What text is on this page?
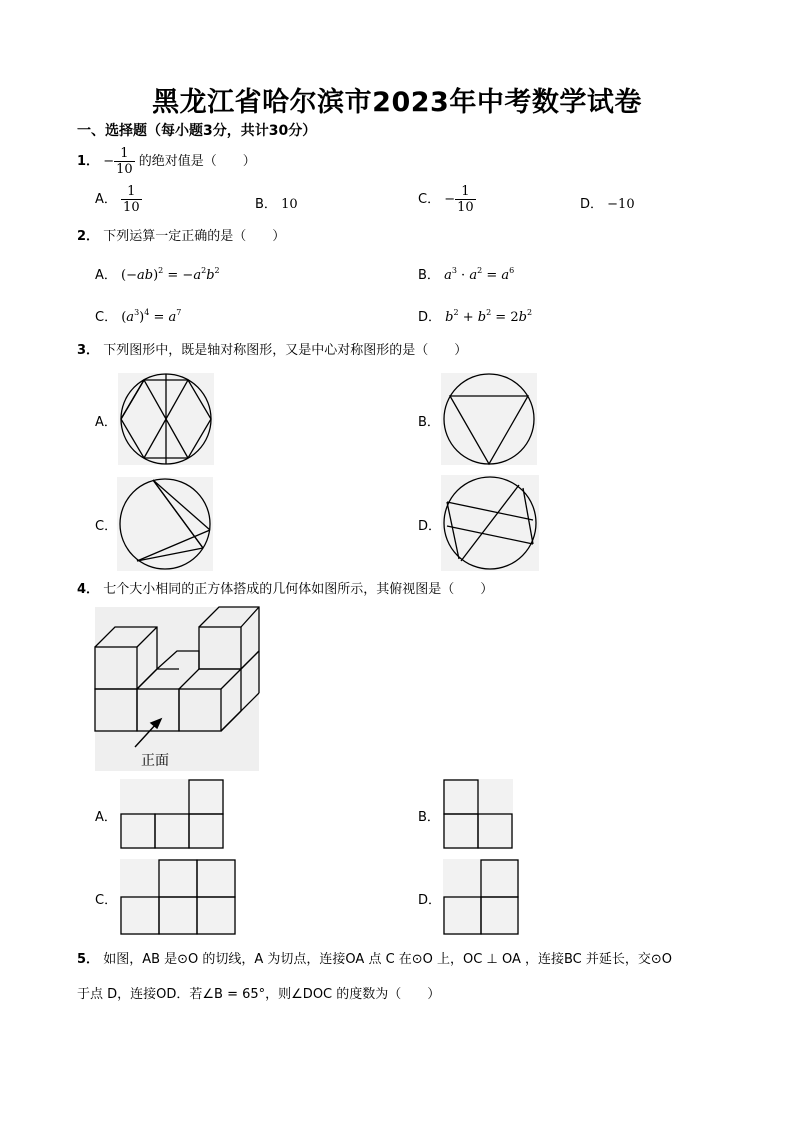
黑龙江省哈尔滨市2023年中考数学试卷
一、选择题（每小题3分，共计30分）
1． − $\frac{1}{10}$ 的绝对值是（　　）
A． $\frac{1}{10}$	B． 10	C． − $\frac{1}{10}$	D． −10
2． 下列运算一定正确的是（　　）
A． $(-ab)^2 = -a^2b^2$	B． $a^3 \cdot a^2 = a^6$
C． $(a^3)^4 = a^7$	D． $b^2 + b^2 = 2b^2$
3． 下列图形中，既是轴对称图形，又是中心对称图形的是（　　）
A．	B．
C．	D．
4． 七个大小相同的正方体搭成的几何体如图所示，其俯视图是（　　）
正面
A．	B．
C．	D．
5． 如图，AB 是⊙O 的切线，A 为切点，连接OA 点 C 在⊙O 上，OC ⊥ OA ，连接BC 并延长，交⊙O
于点 D，连接OD．若∠B = 65°，则∠DOC 的度数为（　　）
